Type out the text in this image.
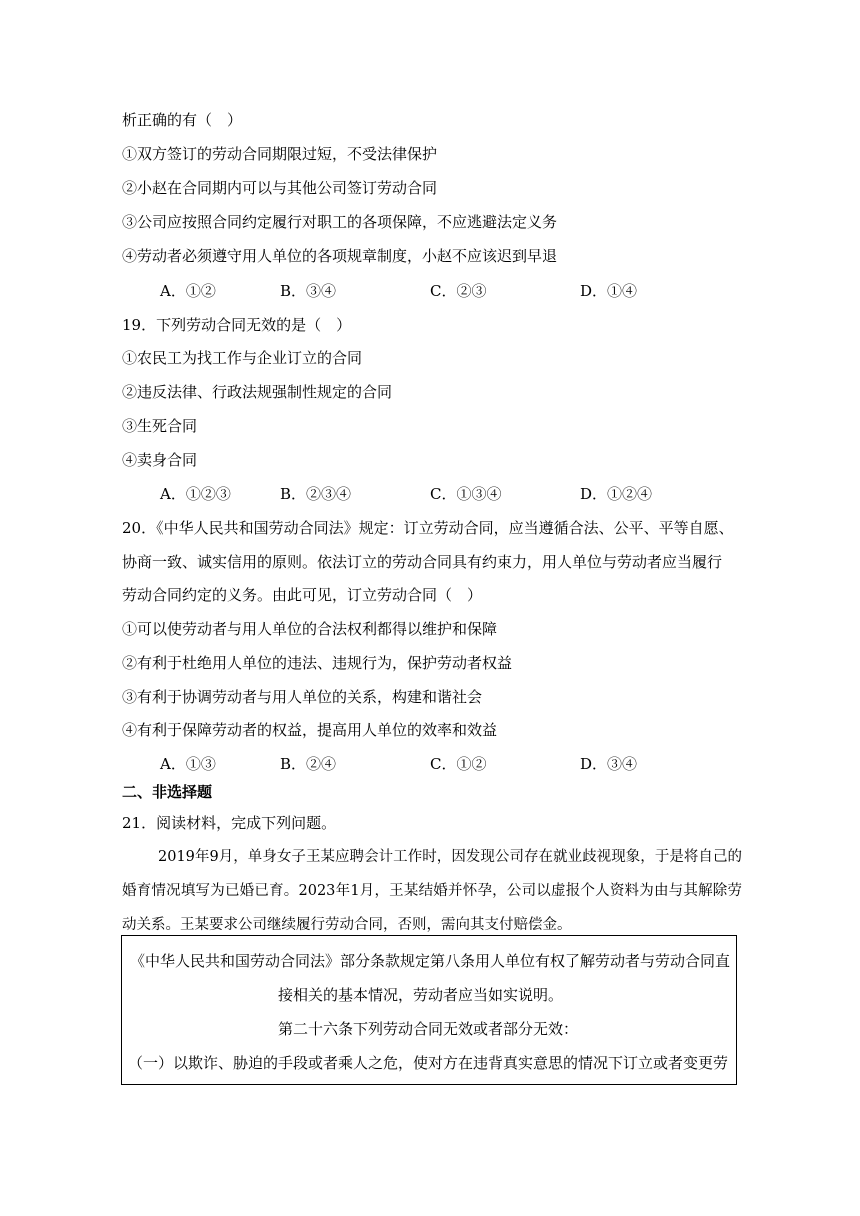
析正确的有（　）
①双方签订的劳动合同期限过短，不受法律保护
②小赵在合同期内可以与其他公司签订劳动合同
③公司应按照合同约定履行对职工的各项保障，不应逃避法定义务
④劳动者必须遵守用人单位的各项规章制度，小赵不应该迟到早退
A．①②	B．③④	C．②③	D．①④
19．下列劳动合同无效的是（　）
①农民工为找工作与企业订立的合同
②违反法律、行政法规强制性规定的合同
③生死合同
④卖身合同
A．①②③	B．②③④	C．①③④	D．①②④
20．《中华人民共和国劳动合同法》规定：订立劳动合同，应当遵循合法、公平、平等自愿、
协商一致、诚实信用的原则。依法订立的劳动合同具有约束力，用人单位与劳动者应当履行
劳动合同约定的义务。由此可见，订立劳动合同（　）
①可以使劳动者与用人单位的合法权利都得以维护和保障
②有利于杜绝用人单位的违法、违规行为，保护劳动者权益
③有利于协调劳动者与用人单位的关系，构建和谐社会
④有利于保障劳动者的权益，提高用人单位的效率和效益
A．①③	B．②④	C．①②	D．③④
二、非选择题
21．阅读材料，完成下列问题。

2019年9月，单身女子王某应聘会计工作时，因发现公司存在就业歧视现象，于是将自己的婚育情况填写为已婚已育。2023年1月，王某结婚并怀孕，公司以虚报个人资料为由与其解除劳动关系。王某要求公司继续履行劳动合同，否则，需向其支付赔偿金。

《中华人民共和国劳动合同法》部分条款规定第八条用人单位有权了解劳动者与劳动合同直
接相关的基本情况，劳动者应当如实说明。
第二十六条下列劳动合同无效或者部分无效：
（一）以欺诈、胁迫的手段或者乘人之危，使对方在违背真实意思的情况下订立或者变更劳
